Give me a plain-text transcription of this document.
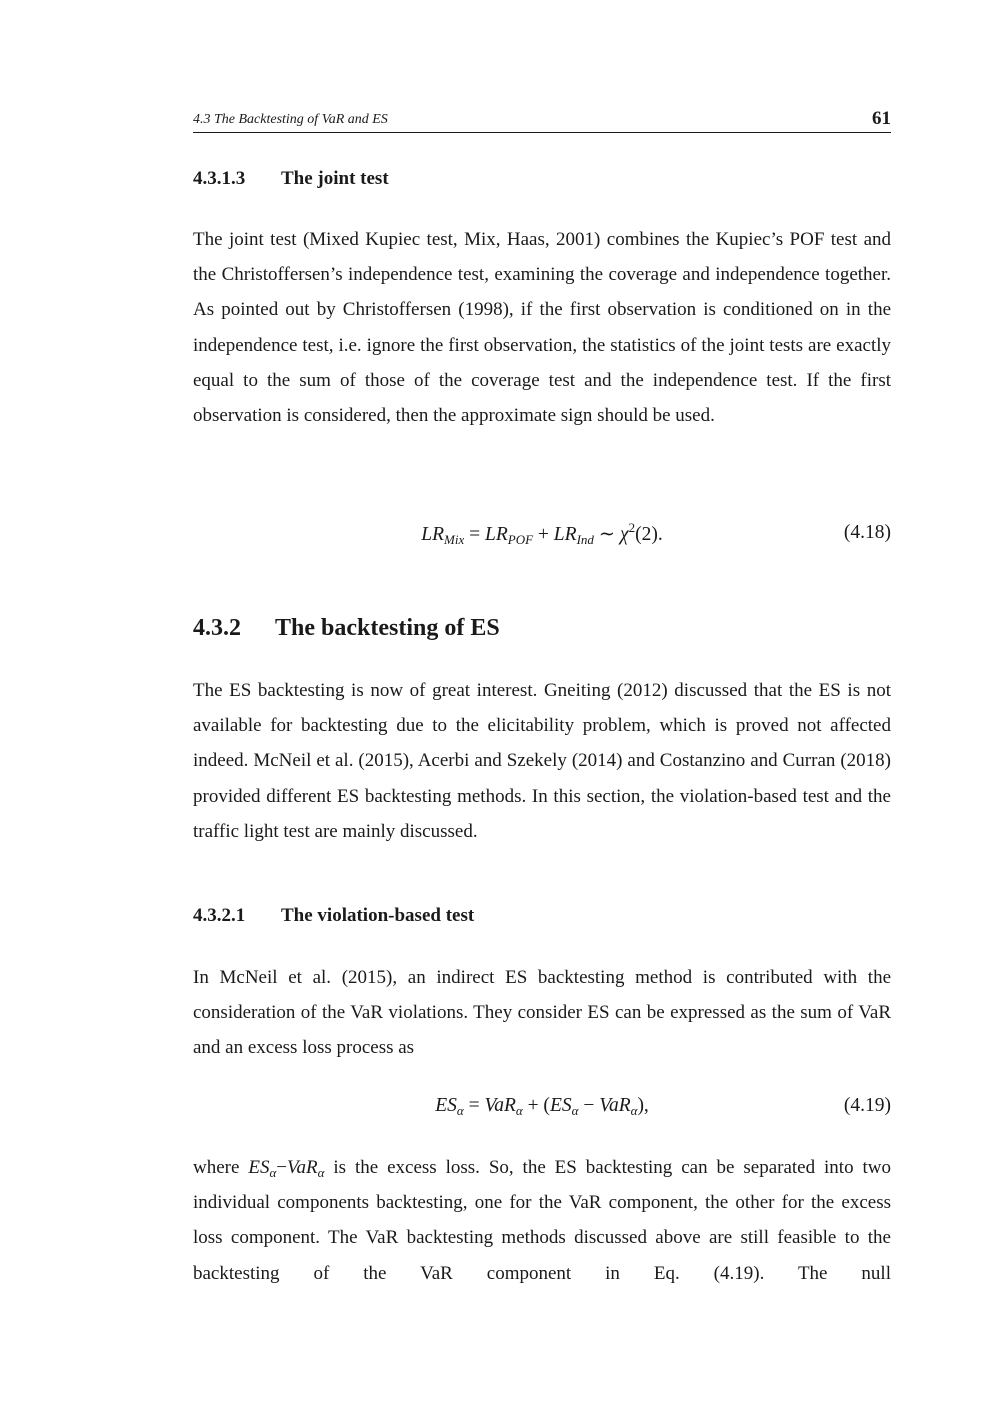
4.3 The Backtesting of VaR and ES	61
4.3.1.3 The joint test
The joint test (Mixed Kupiec test, Mix, Haas, 2001) combines the Kupiec’s POF test and the Christoffersen’s independence test, examining the coverage and independence together. As pointed out by Christoffersen (1998), if the first observation is conditioned on in the independence test, i.e. ignore the first observation, the statistics of the joint tests are exactly equal to the sum of those of the coverage test and the independence test. If the first observation is considered, then the approximate sign should be used.
$LR_{Mix} = LR_{POF} + LR_{Ind}$ ∼ $\chi^2(2)$.	(4.18)
4.3.2 The backtesting of ES
The ES backtesting is now of great interest. Gneiting (2012) discussed that the ES is not available for backtesting due to the elicitability problem, which is proved not affected indeed. McNeil et al. (2015), Acerbi and Szekely (2014) and Costanzino and Curran (2018) provided different ES backtesting methods. In this section, the violation-based test and the traffic light test are mainly discussed.
4.3.2.1 The violation-based test
In McNeil et al. (2015), an indirect ES backtesting method is contributed with the consideration of the VaR violations. They consider ES can be expressed as the sum of VaR and an excess loss process as
$ES_\alpha = VaR_\alpha + (ES_\alpha - VaR_\alpha)$,	(4.19)
where $ES_\alpha-VaR_\alpha$ is the excess loss. So, the ES backtesting can be separated into two individual components backtesting, one for the VaR component, the other for the excess loss component. The VaR backtesting methods discussed above are still feasible to the backtesting of the VaR component in Eq. (4.19). The null
